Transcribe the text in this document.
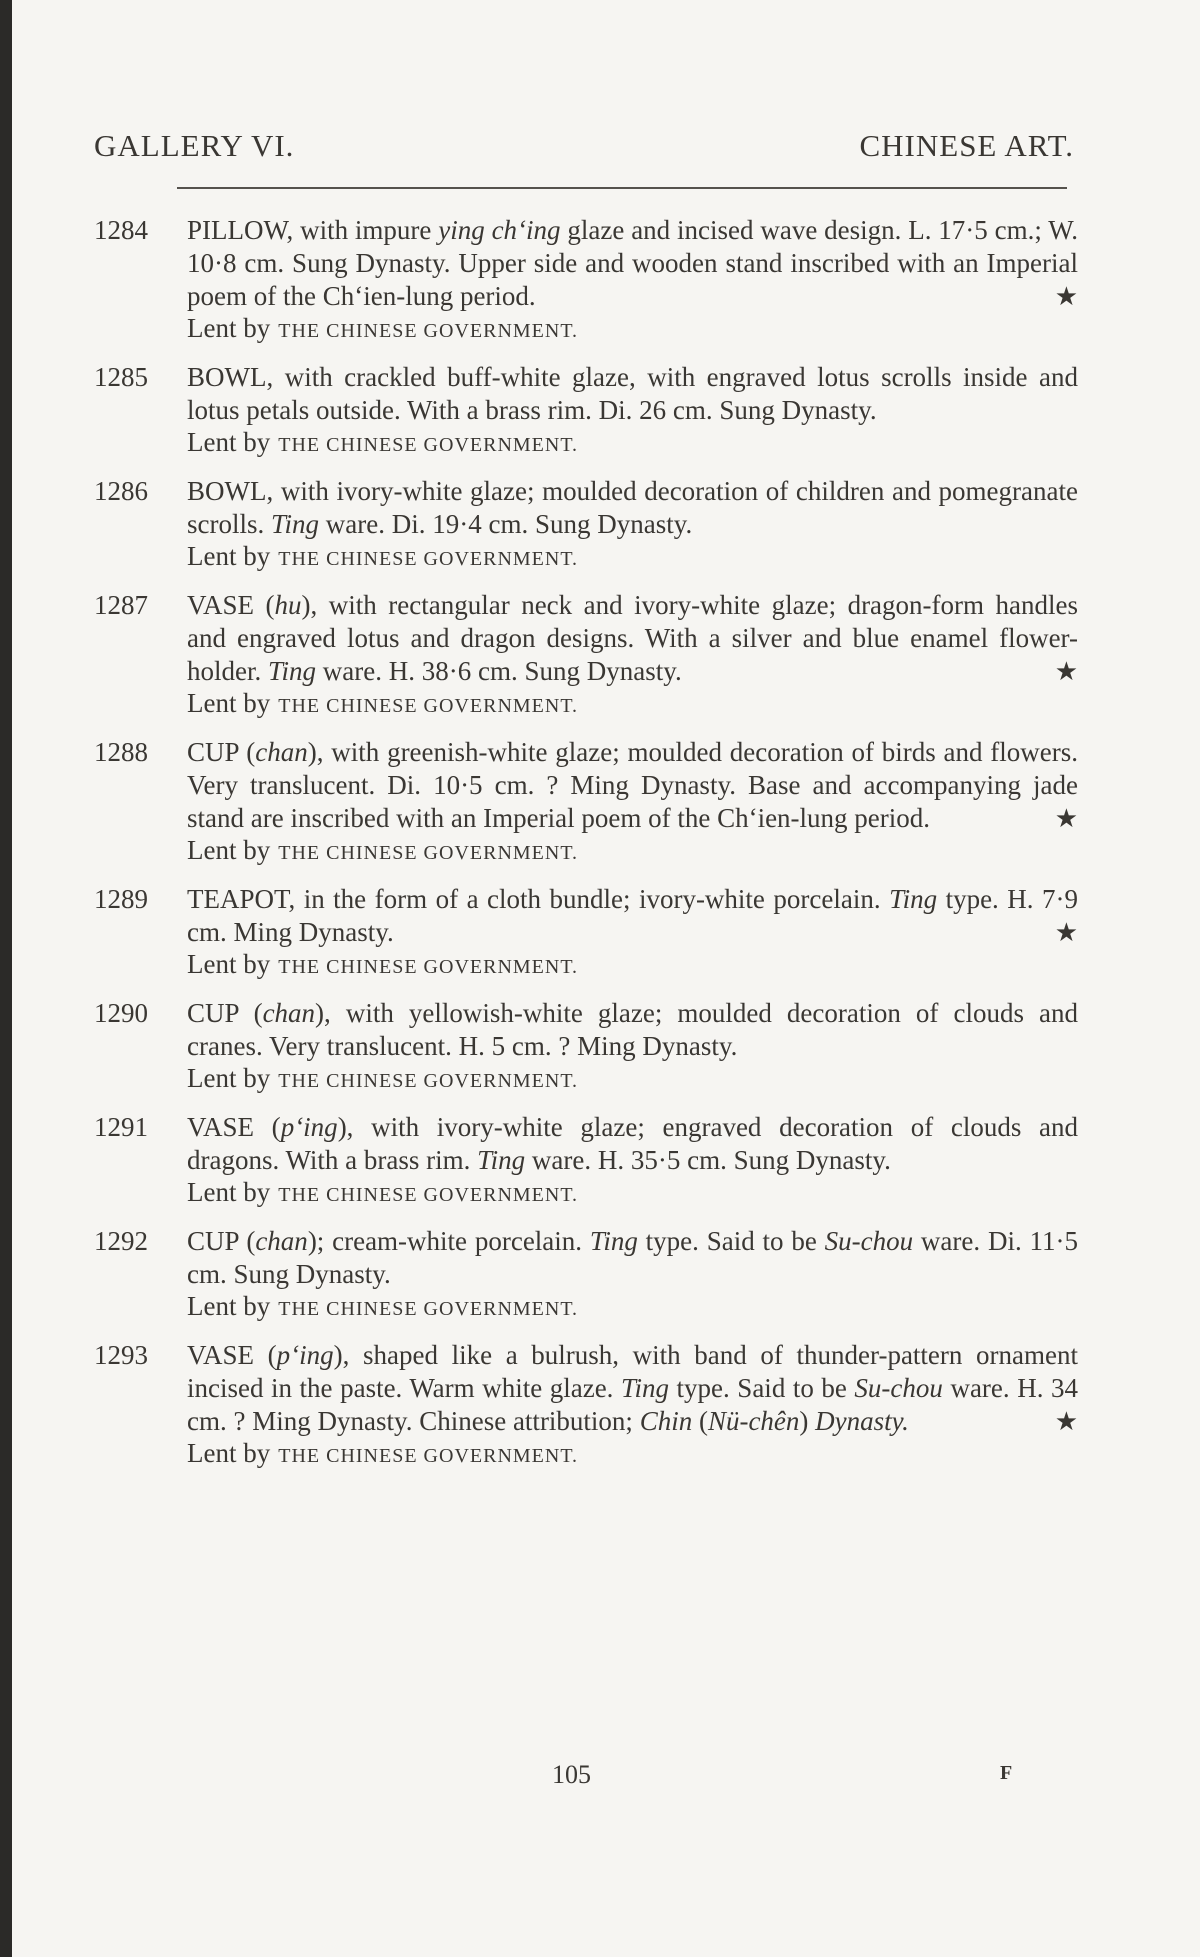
GALLERY VI.	CHINESE ART.
1284 PILLOW, with impure ying ch‘ing glaze and incised wave design. L. 17·5 cm.; W. 10·8 cm. Sung Dynasty. Upper side and wooden stand inscribed with an Imperial poem of the Ch‘ien-lung period.	★
Lent by THE CHINESE GOVERNMENT.
1285 BOWL, with crackled buff-white glaze, with engraved lotus scrolls inside and lotus petals outside. With a brass rim. Di. 26 cm. Sung Dynasty.
Lent by THE CHINESE GOVERNMENT.
1286 BOWL, with ivory-white glaze; moulded decoration of children and pomegranate scrolls. Ting ware. Di. 19·4 cm. Sung Dynasty.
Lent by THE CHINESE GOVERNMENT.
1287 VASE (hu), with rectangular neck and ivory-white glaze; dragon-form handles and engraved lotus and dragon designs. With a silver and blue enamel flower-holder. Ting ware. H. 38·6 cm. Sung Dynasty.	★
Lent by THE CHINESE GOVERNMENT.
1288 CUP (chan), with greenish-white glaze; moulded decoration of birds and flowers. Very translucent. Di. 10·5 cm. ? Ming Dynasty. Base and accompanying jade stand are inscribed with an Imperial poem of the Ch‘ien-lung period.	★
Lent by THE CHINESE GOVERNMENT.
1289 TEAPOT, in the form of a cloth bundle; ivory-white porcelain. Ting type. H. 7·9 cm. Ming Dynasty.	★
Lent by THE CHINESE GOVERNMENT.
1290 CUP (chan), with yellowish-white glaze; moulded decoration of clouds and cranes. Very translucent. H. 5 cm. ? Ming Dynasty.
Lent by THE CHINESE GOVERNMENT.
1291 VASE (p‘ing), with ivory-white glaze; engraved decoration of clouds and dragons. With a brass rim. Ting ware. H. 35·5 cm. Sung Dynasty.
Lent by THE CHINESE GOVERNMENT.
1292 CUP (chan); cream-white porcelain. Ting type. Said to be Su-chou ware. Di. 11·5 cm. Sung Dynasty.
Lent by THE CHINESE GOVERNMENT.
1293 VASE (p‘ing), shaped like a bulrush, with band of thunder-pattern ornament incised in the paste. Warm white glaze. Ting type. Said to be Su-chou ware. H. 34 cm. ? Ming Dynasty. Chinese attribution; Chin (Nü-chên) Dynasty.	★
Lent by THE CHINESE GOVERNMENT.
105	F
